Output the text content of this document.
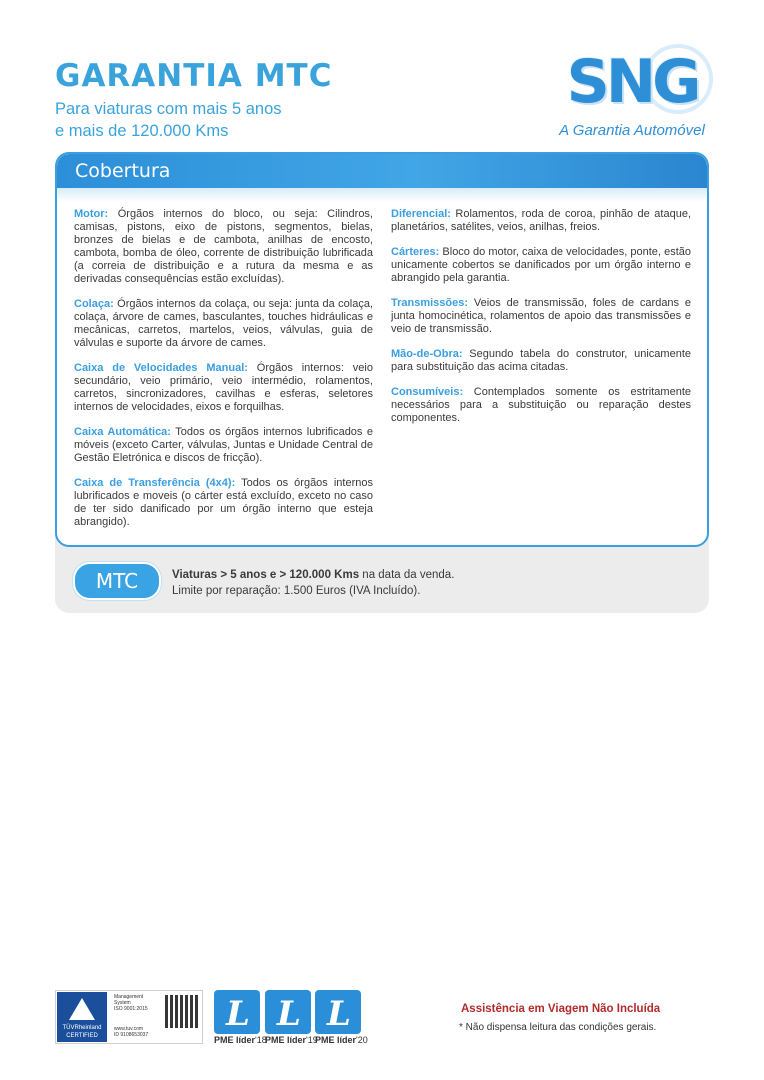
GARANTIA MTC
Para viaturas com mais 5 anos
e mais de 120.000 Kms
SNG
A Garantia Automóvel
Cobertura

Motor: Órgãos internos do bloco, ou seja: Cilindros, camisas, pistons, eixo de pistons, segmentos, bielas, bronzes de bielas e de cambota, anilhas de encosto, cambota, bomba de óleo, corrente de distribuição lubrificada (a correia de distribuição e a rutura da mesma e as derivadas consequências estão excluídas).

Colaça: Órgãos internos da colaça, ou seja: junta da colaça, colaça, árvore de cames, basculantes, touches hidráulicas e mecânicas, carretos, martelos, veios, válvulas, guia de válvulas e suporte da árvore de cames.

Caixa de Velocidades Manual: Órgãos internos: veio secundário, veio primário, veio intermédio, rolamentos, carretos, sincronizadores, cavilhas e esferas, seletores internos de velocidades, eixos e forquilhas.

Caixa Automática: Todos os órgãos internos lubrificados e móveis (exceto Carter, válvulas, Juntas e Unidade Central de Gestão Eletrónica e discos de fricção).

Caixa de Transferência (4x4): Todos os órgãos internos lubrificados e moveis (o cárter está excluído, exceto no caso de ter sido danificado por um órgão interno que esteja abrangido).

Diferencial: Rolamentos, roda de coroa, pinhão de ataque, planetários, satélites, veios, anilhas, freios.

Cárteres: Bloco do motor, caixa de velocidades, ponte, estão unicamente cobertos se danificados por um órgão interno e abrangido pela garantia.

Transmissões: Veios de transmissão, foles de cardans e junta homocinética, rolamentos de apoio das transmissões e veio de transmissão.

Mão-de-Obra: Segundo tabela do construtor, unicamente para substituição das acima citadas.

Consumíveis: Contemplados somente os estritamente necessários para a substituição ou reparação destes componentes.

MTC	Viaturas > 5 anos e > 120.000 Kms na data da venda.
Limite por reparação: 1.500 Euros (IVA Incluído).
TÜVRheinland
CERTIFIED
Management
System
ISO 9001:2015
www.tuv.com
ID 9108653037
L
PME líder'18
L
PME líder'19
L
PME líder'20
Assistência em Viagem Não Incluída
* Não dispensa leitura das condições gerais.
